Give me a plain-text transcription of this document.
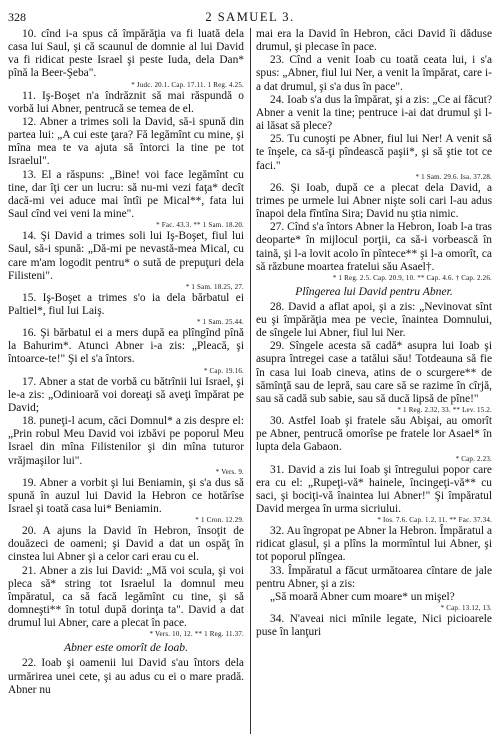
328	2 SAMUEL 3.

10. cînd i-a spus că împărăţia va fi luată dela casa lui Saul, şi că scaunul de domnie al lui David va fi ridicat peste Israel şi peste Iuda, dela Dan* pînă la Beer-Şeba".
* Judc. 20.1. Cap. 17.11. 1 Reg. 4.25.

11. Iş-Boşet n'a îndrăznit să mai răspundă o vorbă lui Abner, pentrucă se temea de el.

12. Abner a trimes soli la David, să-i spună din partea lui: „A cui este ţara? Fă legămînt cu mine, şi mîna mea te va ajuta să întorci la tine pe tot Israelul".

13. El a răspuns: „Bine! voi face legămînt cu tine, dar îţi cer un lucru: să nu-mi vezi faţa* decît dacă-mi vei aduce mai întîi pe Mical**, fata lui Saul cînd vei veni la mine".
* Fac. 43.3. ** 1 Sam. 18.20.

14. Şi David a trimes soli lui Iş-Boşet, fiul lui Saul, să-i spună: „Dă-mi pe nevastă-mea Mical, cu care m'am logodit pentru* o sută de prepuţuri dela Filisteni".
* 1 Sam. 18.25, 27.

15. Iş-Boşet a trimes s'o ia dela bărbatul ei Paltiel*, fiul lui Laiş.
* 1 Sam. 25.44.

16. Şi bărbatul ei a mers după ea plîngînd pînă la Bahurim*. Atunci Abner i-a zis: „Pleacă, şi întoarce-te!" Şi el s'a întors.
* Cap. 19.16.

17. Abner a stat de vorbă cu bătrînii lui Israel, şi le-a zis: „Odinioară voi doreaţi să aveţi împărat pe David;

18. puneţi-l acum, căci Domnul* a zis despre el: „Prin robul Meu David voi izbăvi pe poporul Meu Israel din mîna Filistenilor şi din mîna tuturor vrăjmaşilor lui".
* Vers. 9.

19. Abner a vorbit şi lui Beniamin, şi s'a dus să spună în auzul lui David la Hebron ce hotărîse Israel şi toată casa lui* Beniamin.
* 1 Cron. 12.29.

20. A ajuns la David în Hebron, însoţit de douăzeci de oameni; şi David a dat un ospăţ în cinstea lui Abner şi a celor cari erau cu el.

21. Abner a zis lui David: „Mă voi scula, şi voi pleca să* string tot Israelul la domnul meu împăratul, ca să facă legămînt cu tine, şi să domneşti** în totul după dorinţa ta". David a dat drumul lui Abner, care a plecat în pace.
* Vers. 10, 12. ** 1 Reg. 11.37.

Abner este omorît de Ioab.

22. Ioab şi oamenii lui David s'au întors dela urmărirea unei cete, şi au adus cu ei o mare pradă. Abner nu

mai era la David în Hebron, căci David îi dăduse drumul, şi plecase în pace.

23. Cînd a venit Ioab cu toată ceata lui, i s'a spus: „Abner, fiul lui Ner, a venit la împărat, care i-a dat drumul, şi s'a dus în pace".

24. Ioab s'a dus la împărat, şi a zis: „Ce ai făcut? Abner a venit la tine; pentruce i-ai dat drumul şi l-ai lăsat să plece?

25. Tu cunoşti pe Abner, fiul lui Ner! A venit să te înşele, ca să-ţi pîndească paşii*, şi să ştie tot ce faci."
* 1 Sam. 29.6. Isa. 37.28.

26. Şi Ioab, după ce a plecat dela David, a trimes pe urmele lui Abner nişte soli cari l-au adus înapoi dela fîntîna Sira; David nu ştia nimic.

27. Cînd s'a întors Abner la Hebron, Ioab l-a tras deoparte* în mijlocul porţii, ca să-i vorbească în taină, şi l-a lovit acolo în pîntece** şi l-a omorît, ca să răzbune moartea fratelui său Asael†.
* 1 Reg. 2.5. Cap. 20.9, 10. ** Cap. 4.6. † Cap. 2.26.

Plîngerea lui David pentru Abner.

28. David a aflat apoi, şi a zis: „Nevinovat sînt eu şi împărăţia mea pe vecie, înaintea Domnului, de sîngele lui Abner, fiul lui Ner.

29. Sîngele acesta să cadă* asupra lui Ioab şi asupra întregei case a tatălui său! Totdeauna să fie în casa lui Ioab cineva, atins de o scurgere** de sămînţă sau de lepră, sau care să se razime în cîrjă, sau să cadă sub sabie, sau să ducă lipsă de pîne!"
* 1 Reg. 2.32, 33. ** Lev. 15.2.

30. Astfel Ioab şi fratele său Abişai, au omorît pe Abner, pentrucă omorîse pe fratele lor Asael* în lupta dela Gabaon.
* Cap. 2.23.

31. David a zis lui Ioab şi întregului popor care era cu el: „Rupeţi-vă* hainele, încingeţi-vă** cu saci, şi bociţi-vă înaintea lui Abner!" Şi împăratul David mergea în urma sicriului.
* Ios. 7.6. Cap. 1.2, 11. ** Fac. 37.34.

32. Au îngropat pe Abner la Hebron. Împăratul a ridicat glasul, şi a plîns la mormîntul lui Abner, şi tot poporul plîngea.

33. Împăratul a făcut următoarea cîntare de jale pentru Abner, şi a zis:

„Să moară Abner cum moare* un mişel?
* Cap. 13.12, 13.

34. N'aveai nici mînile legate, Nici picioarele puse în lanţuri
